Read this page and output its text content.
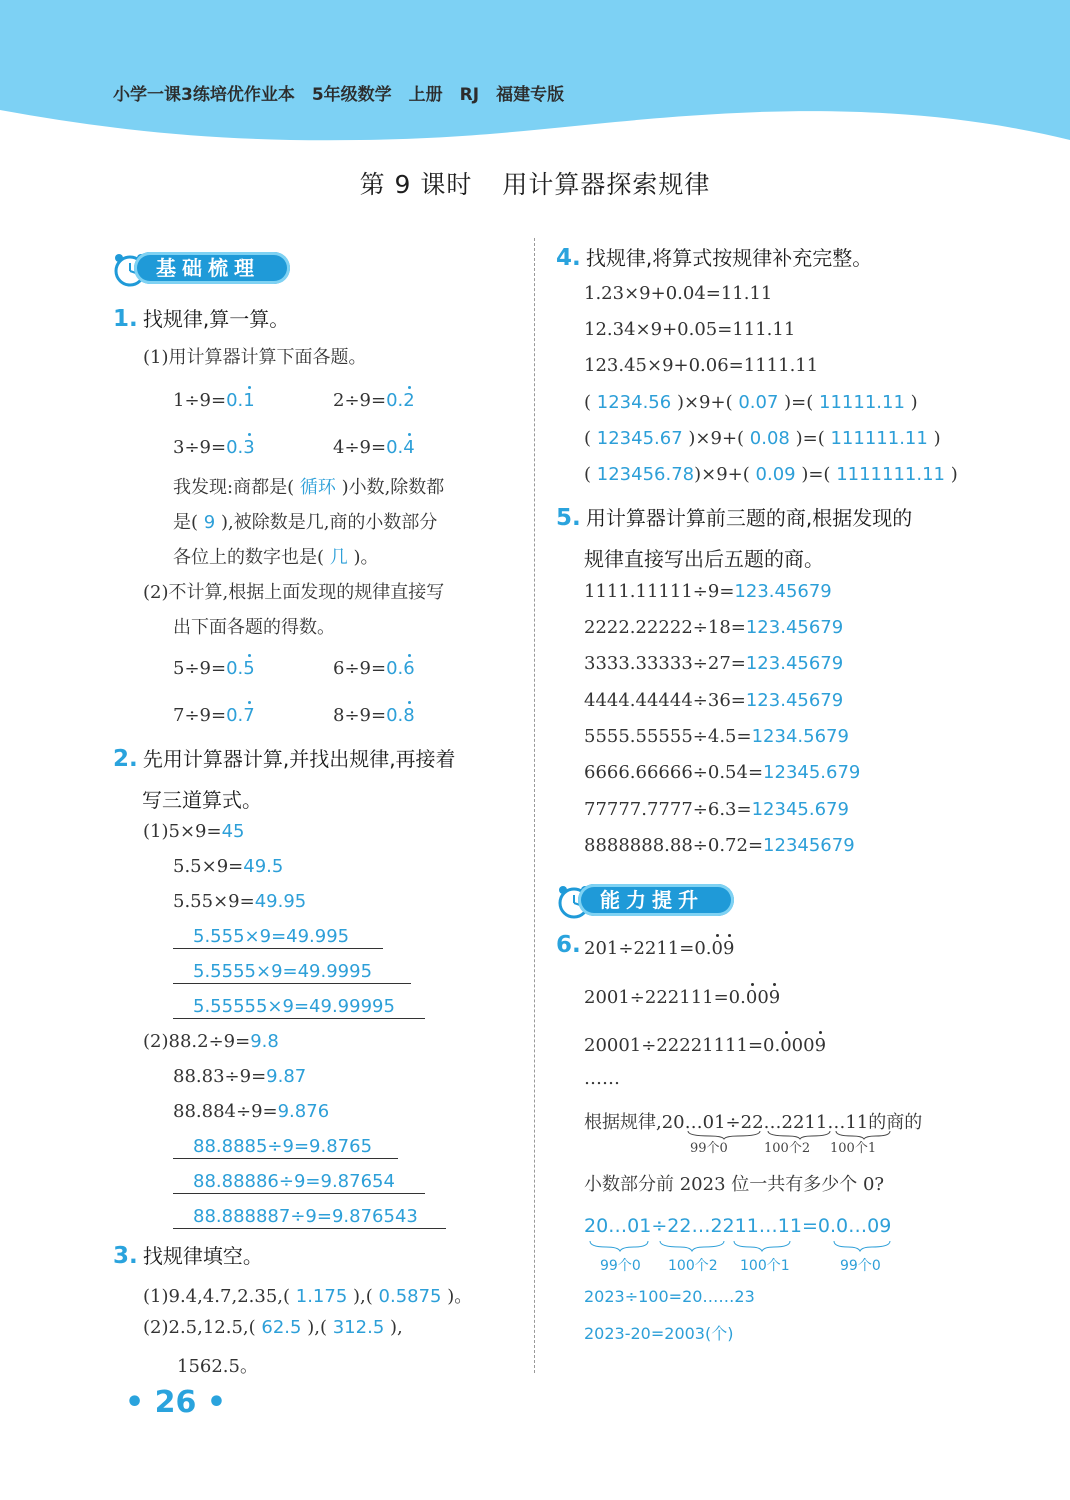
小学一课3练培优作业本　5年级数学　上册　RJ　福建专版
第 9 课时 用计算器探索规律
基础梳理
1. 找规律,算一算。
(1)用计算器计算下面各题。
1÷9=0.1	2÷9=0.2
3÷9=0.3	4÷9=0.4
我发现:商都是( 循环 )小数,除数都
是( 9 ),被除数是几,商的小数部分
各位上的数字也是( 几 )。
(2)不计算,根据上面发现的规律直接写
出下面各题的得数。
5÷9=0.5	6÷9=0.6
7÷9=0.7	8÷9=0.8
2. 先用计算器计算,并找出规律,再接着
写三道算式。
(1)5×9=45
5.5×9=49.5
5.55×9=49.95
5.555×9=49.995
5.5555×9=49.9995
5.55555×9=49.99995
(2)88.2÷9=9.8
88.83÷9=9.87
88.884÷9=9.876
88.8885÷9=9.8765
88.88886÷9=9.87654
88.888887÷9=9.876543
3. 找规律填空。
(1)9.4,4.7,2.35,( 1.175 ),( 0.5875 )。
(2)2.5,12.5,( 62.5 ),( 312.5 ),
1562.5。
• 26 •
4. 找规律,将算式按规律补充完整。
1.23×9+0.04=11.11
12.34×9+0.05=111.11
123.45×9+0.06=1111.11
( 1234.56 )×9+( 0.07 )=( 11111.11 )
( 12345.67 )×9+( 0.08 )=( 111111.11 )
( 123456.78)×9+( 0.09 )=( 1111111.11 )
5. 用计算器计算前三题的商,根据发现的
规律直接写出后五题的商。
1111.11111÷9=123.45679
2222.22222÷18=123.45679
3333.33333÷27=123.45679
4444.44444÷36=123.45679
5555.55555÷4.5=1234.5679
6666.66666÷0.54=12345.679
77777.7777÷6.3=12345.679
8888888.88÷0.72=12345679
能力提升
6. 201÷2211=0.09
2001÷222111=0.009
20001÷22221111=0.0009
……
根据规律,20…01÷22…2211…11的商的
99个0	100个2 100个1
小数部分前 2023 位一共有多少个 0?
20…01÷22…2211…11=0.0…09
99个0 100个2 100个1	99个0
2023÷100=20……23
2023-20=2003(个)
